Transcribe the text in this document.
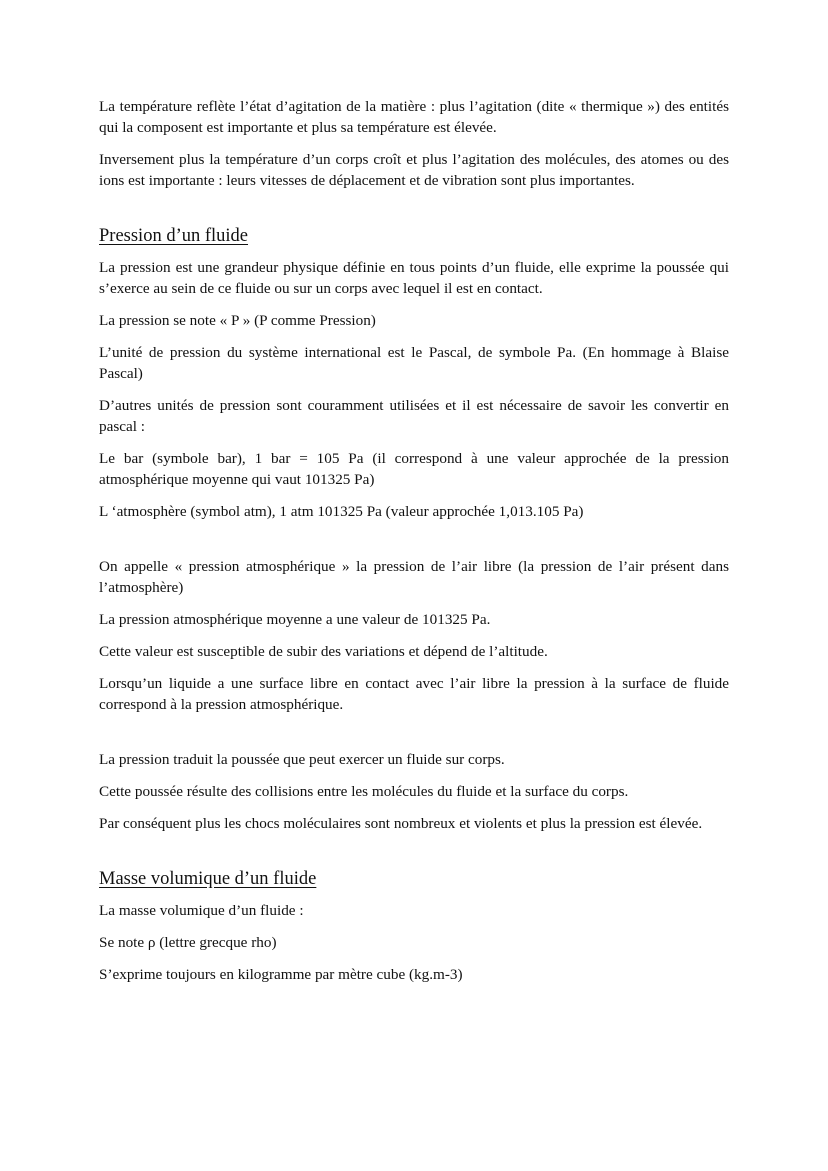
La température reflète l’état d’agitation de la matière : plus l’agitation (dite « thermique ») des entités qui la composent est importante et plus sa température est élevée.

Inversement plus la température d’un corps croît et plus l’agitation des molécules, des atomes ou des ions est importante : leurs vitesses de déplacement et de vibration sont plus importantes.

Pression d’un fluide

La pression est une grandeur physique définie en tous points d’un fluide, elle exprime la poussée qui s’exerce au sein de ce fluide ou sur un corps avec lequel il est en contact.

La pression se note « P » (P comme Pression)

L’unité de pression du système international est le Pascal, de symbole Pa. (En hommage à Blaise Pascal)

D’autres unités de pression sont couramment utilisées et il est nécessaire de savoir les convertir en pascal :

Le bar (symbole bar), 1 bar = 105 Pa (il correspond à une valeur approchée de la pression atmosphérique moyenne qui vaut 101325 Pa)

L ‘atmosphère (symbol atm), 1 atm 101325 Pa (valeur approchée 1,013.105 Pa)

On appelle « pression atmosphérique » la pression de l’air libre (la pression de l’air présent dans l’atmosphère)

La pression atmosphérique moyenne a une valeur de 101325 Pa.

Cette valeur est susceptible de subir des variations et dépend de l’altitude.

Lorsqu’un liquide a une surface libre en contact avec l’air libre la pression à la surface de fluide correspond à la pression atmosphérique.

La pression traduit la poussée que peut exercer un fluide sur corps.

Cette poussée résulte des collisions entre les molécules du fluide et la surface du corps.

Par conséquent plus les chocs moléculaires sont nombreux et violents et plus la pression est élevée.

Masse volumique d’un fluide

La masse volumique d’un fluide :

Se note ρ (lettre grecque rho)

S’exprime toujours en kilogramme par mètre cube (kg.m-3)
